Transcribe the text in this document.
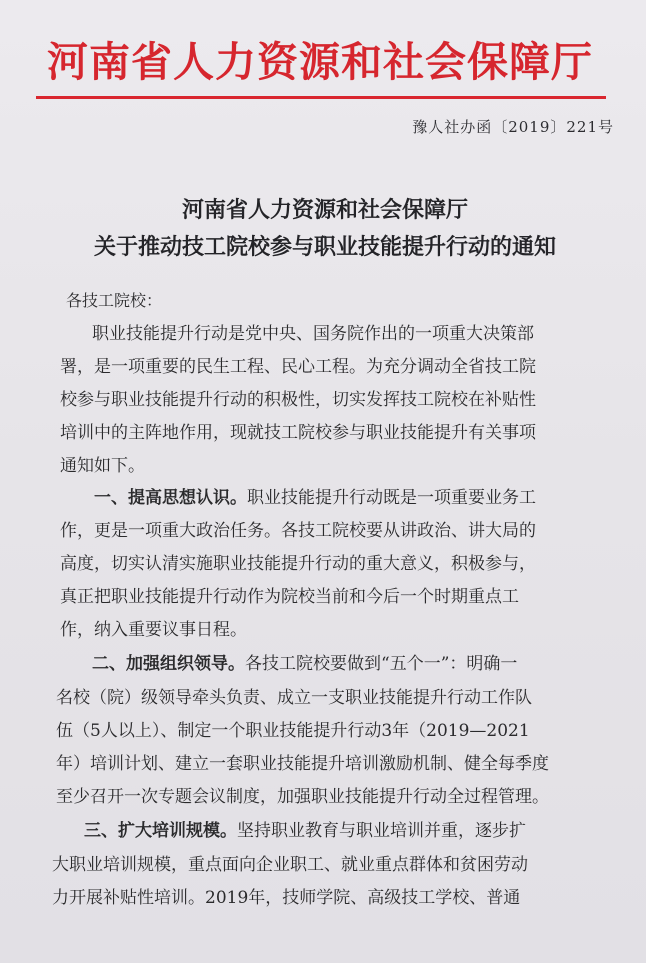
河南省人力资源和社会保障厅
豫人社办函〔2019〕221号
河南省人力资源和社会保障厅
关于推动技工院校参与职业技能提升行动的通知
各技工院校：
职业技能提升行动是党中央、国务院作出的一项重大决策部
署，是一项重要的民生工程、民心工程。为充分调动全省技工院
校参与职业技能提升行动的积极性，切实发挥技工院校在补贴性
培训中的主阵地作用，现就技工院校参与职业技能提升有关事项
通知如下。
一、提高思想认识。职业技能提升行动既是一项重要业务工
作，更是一项重大政治任务。各技工院校要从讲政治、讲大局的
高度，切实认清实施职业技能提升行动的重大意义，积极参与，
真正把职业技能提升行动作为院校当前和今后一个时期重点工
作，纳入重要议事日程。
二、加强组织领导。各技工院校要做到“五个一”：明确一
名校（院）级领导牵头负责、成立一支职业技能提升行动工作队
伍（5人以上）、制定一个职业技能提升行动3年（2019—2021
年）培训计划、建立一套职业技能提升培训激励机制、健全每季度
至少召开一次专题会议制度，加强职业技能提升行动全过程管理。
三、扩大培训规模。坚持职业教育与职业培训并重，逐步扩
大职业培训规模，重点面向企业职工、就业重点群体和贫困劳动
力开展补贴性培训。2019年，技师学院、高级技工学校、普通
